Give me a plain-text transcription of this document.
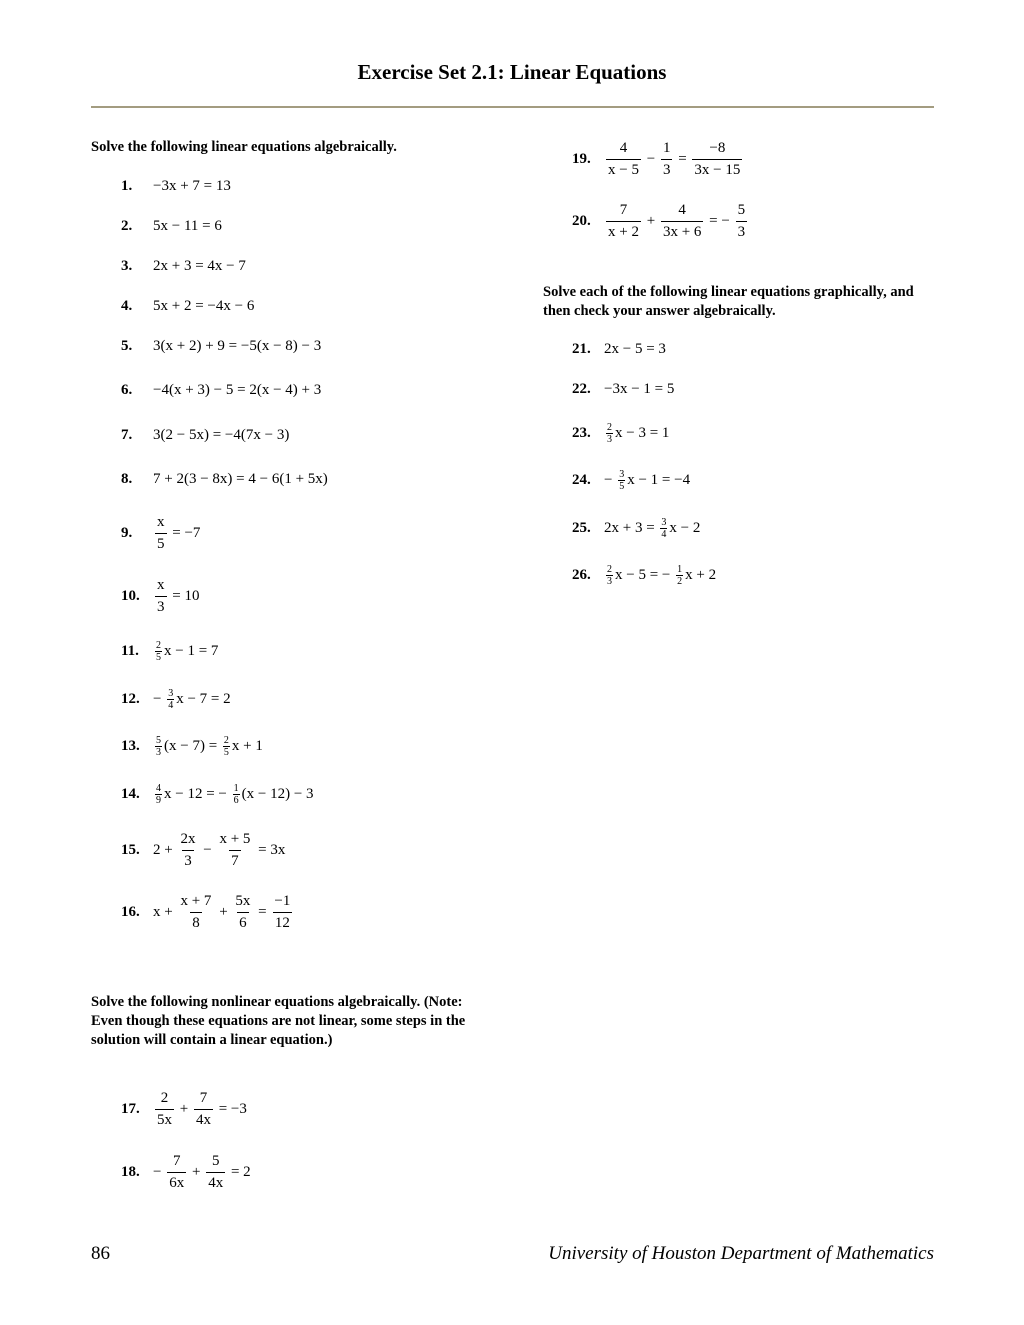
Exercise Set 2.1: Linear Equations
Solve the following linear equations algebraically.
Solve the following nonlinear equations algebraically. (Note: Even though these equations are not linear, some steps in the solution will contain a linear equation.)
Solve each of the following linear equations graphically, and then check your answer algebraically.
1.	−3x + 7 = 13
2.	5x − 11 = 6
3.	2x + 3 = 4x − 7
4.	5x + 2 = −4x − 6
5.	3(x + 2) + 9 = −5(x − 8) − 3
6.	−4(x + 3) − 5 = 2(x − 4) + 3
7.	3(2 − 5x) = −4(7x − 3)
8.	7 + 2(3 − 8x) = 4 − 6(1 + 5x)
9.	$\frac{x}{5} = -7$
10.	$\frac{x}{3} = 10$
11.	$\frac{2}{5}$ x − 1 = 7
12. − $\frac{3}{4}$ x − 7 = 2
13.	$\frac{5}{3} (x - 7) = \frac{2}{5}$ x + 1
14.	$\frac{4}{9}$ x − 12 = − $\frac{1}{6} (x - 12) - 3$
15. $2 + \frac{2x}{3} - \frac{x + 5}{7} = 3x$
16. $x + \frac{x + 7}{8} + \frac{5x}{6} = \frac{-1}{12}$
17.	$\frac{2}{5x} + \frac{7}{4x} = -3$
18. − $\frac{7}{6x} + \frac{5}{4x} = 2$
19.	$\frac{4}{x - 5} - \frac{1}{3} = \frac{-8}{3x - 15}$
20.	$\frac{7}{x + 2} + \frac{4}{3x + 6}$ = − $\frac{5}{3}$
21. 2x − 5 = 3
22. −3x − 1 = 5
23.	$\frac{2}{3}$ x − 3 = 1
24. − $\frac{3}{5}$ x − 1 = −4
25. $2x + 3 = \frac{3}{4}$ x − 2
26.	$\frac{2}{3}$ x − 5 = − $\frac{1}{2}$ x + 2
86	University of Houston Department of Mathematics
